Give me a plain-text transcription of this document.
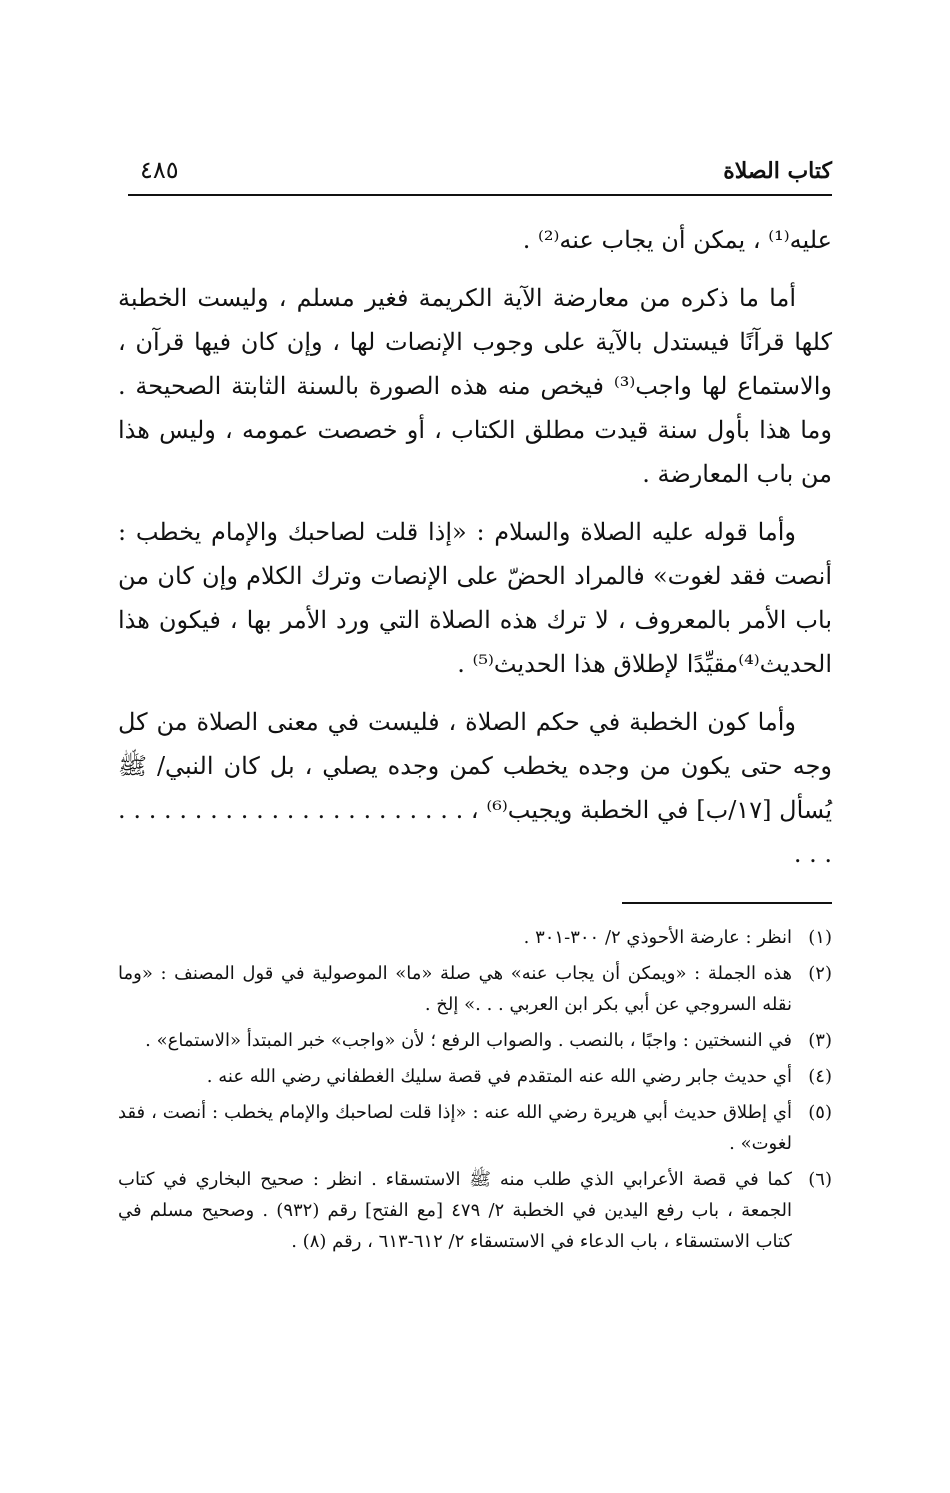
كتاب الصلاة
٤٨٥

عليه⁽¹⁾ ، يمكن أن يجاب عنه⁽²⁾ .

أما ما ذكره من معارضة الآية الكريمة فغير مسلم ، وليست الخطبة كلها قرآنًا فيستدل بالآية على وجوب الإنصات لها ، وإن كان فيها قرآن ، والاستماع لها واجب⁽³⁾ فيخص منه هذه الصورة بالسنة الثابتة الصحيحة . وما هذا بأول سنة قيدت مطلق الكتاب ، أو خصصت عمومه ، وليس هذا من باب المعارضة .

وأما قوله عليه الصلاة والسلام : «إذا قلت لصاحبك والإمام يخطب : أنصت فقد لغوت» فالمراد الحضّ على الإنصات وترك الكلام وإن كان من باب الأمر بالمعروف ، لا ترك هذه الصلاة التي ورد الأمر بها ، فيكون هذا الحديث⁽⁴⁾مقيِّدًا لإطلاق هذا الحديث⁽⁵⁾ .

وأما كون الخطبة في حكم الصلاة ، فليست في معنى الصلاة من كل وجه حتى يكون من وجده يخطب كمن وجده يصلي ، بل كان النبي/ ﷺ يُسأل [١٧/ب] في الخطبة ويجيب⁽⁶⁾ ، . . . . . . . . . . . . . . . . . . . . . . . . . .

(١)
انظر : عارضة الأحوذي ٢/ ٣٠٠-٣٠١ .
(٢)
هذه الجملة : «ويمكن أن يجاب عنه» هي صلة «ما» الموصولية في قول المصنف : «وما نقله السروجي عن أبي بكر ابن العربي . . .» إلخ .
(٣)
في النسختين : واجبًا ، بالنصب . والصواب الرفع ؛ لأن «واجب» خبر المبتدأ «الاستماع» .
(٤)
أي حديث جابر رضي الله عنه المتقدم في قصة سليك الغطفاني رضي الله عنه .
(٥)
أي إطلاق حديث أبي هريرة رضي الله عنه : «إذا قلت لصاحبك والإمام يخطب : أنصت ، فقد لغوت» .
(٦)
كما في قصة الأعرابي الذي طلب منه ﷺ الاستسقاء . انظر : صحيح البخاري في كتاب الجمعة ، باب رفع اليدين في الخطبة ٢/ ٤٧٩ [مع الفتح] رقم (٩٣٢) . وصحيح مسلم في كتاب الاستسقاء ، باب الدعاء في الاستسقاء ٢/ ٦١٢-٦١٣ ، رقم (٨) .
